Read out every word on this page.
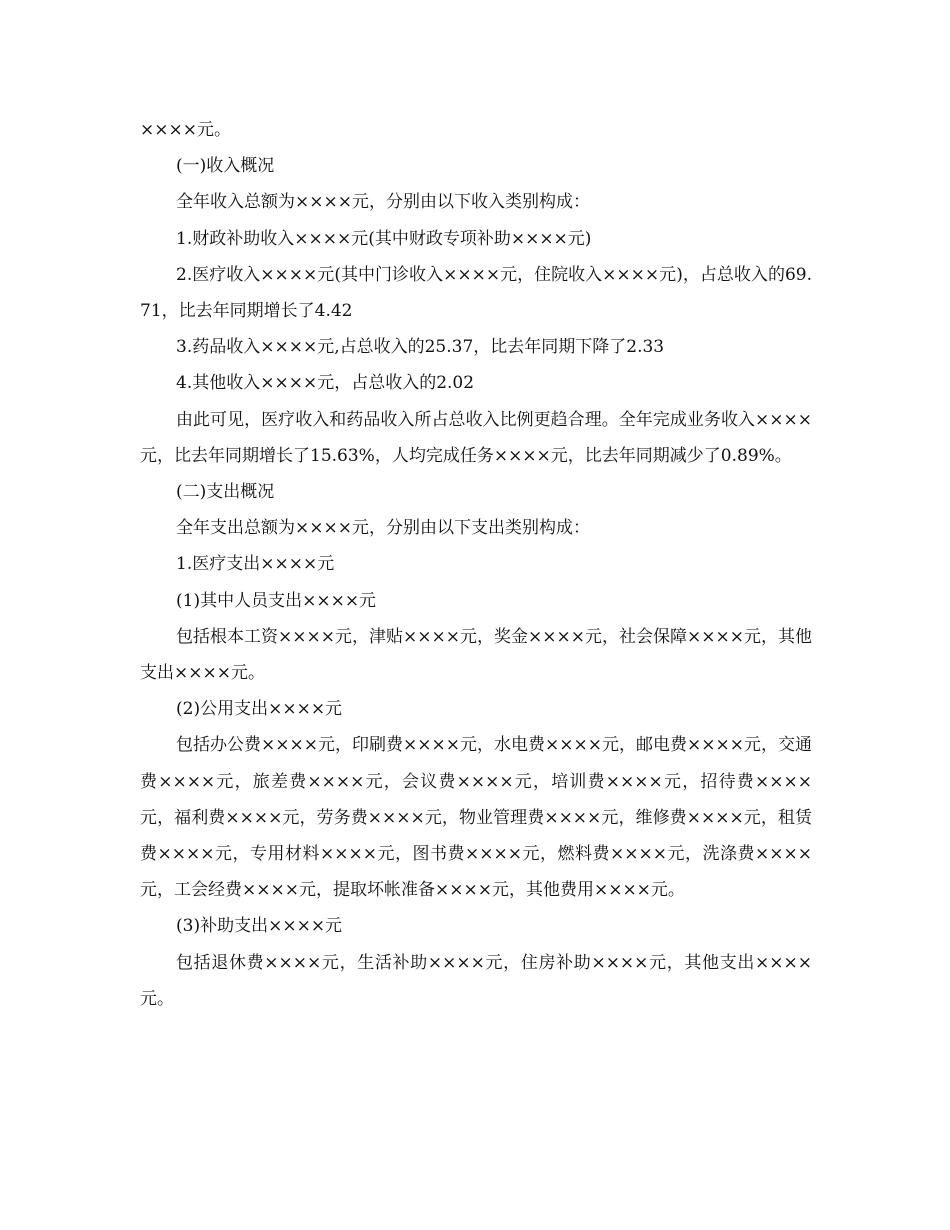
××××元。

(一)收入概况

全年收入总额为××××元，分别由以下收入类别构成：

1.财政补助收入××××元(其中财政专项补助××××元)

2.医疗收入××××元(其中门诊收入××××元，住院收入××××元)，占总收入的69.71，比去年同期增长了4.42

3.药品收入××××元,占总收入的25.37，比去年同期下降了2.33

4.其他收入××××元，占总收入的2.02

由此可见，医疗收入和药品收入所占总收入比例更趋合理。全年完成业务收入××××元，比去年同期增长了15.63%，人均完成任务××××元，比去年同期减少了0.89%。

(二)支出概况

全年支出总额为××××元，分别由以下支出类别构成：

1.医疗支出××××元

(1)其中人员支出××××元

包括根本工资××××元，津贴××××元，奖金××××元，社会保障××××元，其他支出××××元。

(2)公用支出××××元

包括办公费××××元，印刷费××××元，水电费××××元，邮电费××××元，交通费××××元，旅差费××××元，会议费××××元，培训费××××元，招待费××××元，福利费××××元，劳务费××××元，物业管理费××××元，维修费××××元，租赁费××××元，专用材料××××元，图书费××××元，燃料费××××元，洗涤费××××元，工会经费××××元，提取坏帐准备××××元，其他费用××××元。

(3)补助支出××××元

包括退休费××××元，生活补助××××元，住房补助××××元，其他支出××××元。
